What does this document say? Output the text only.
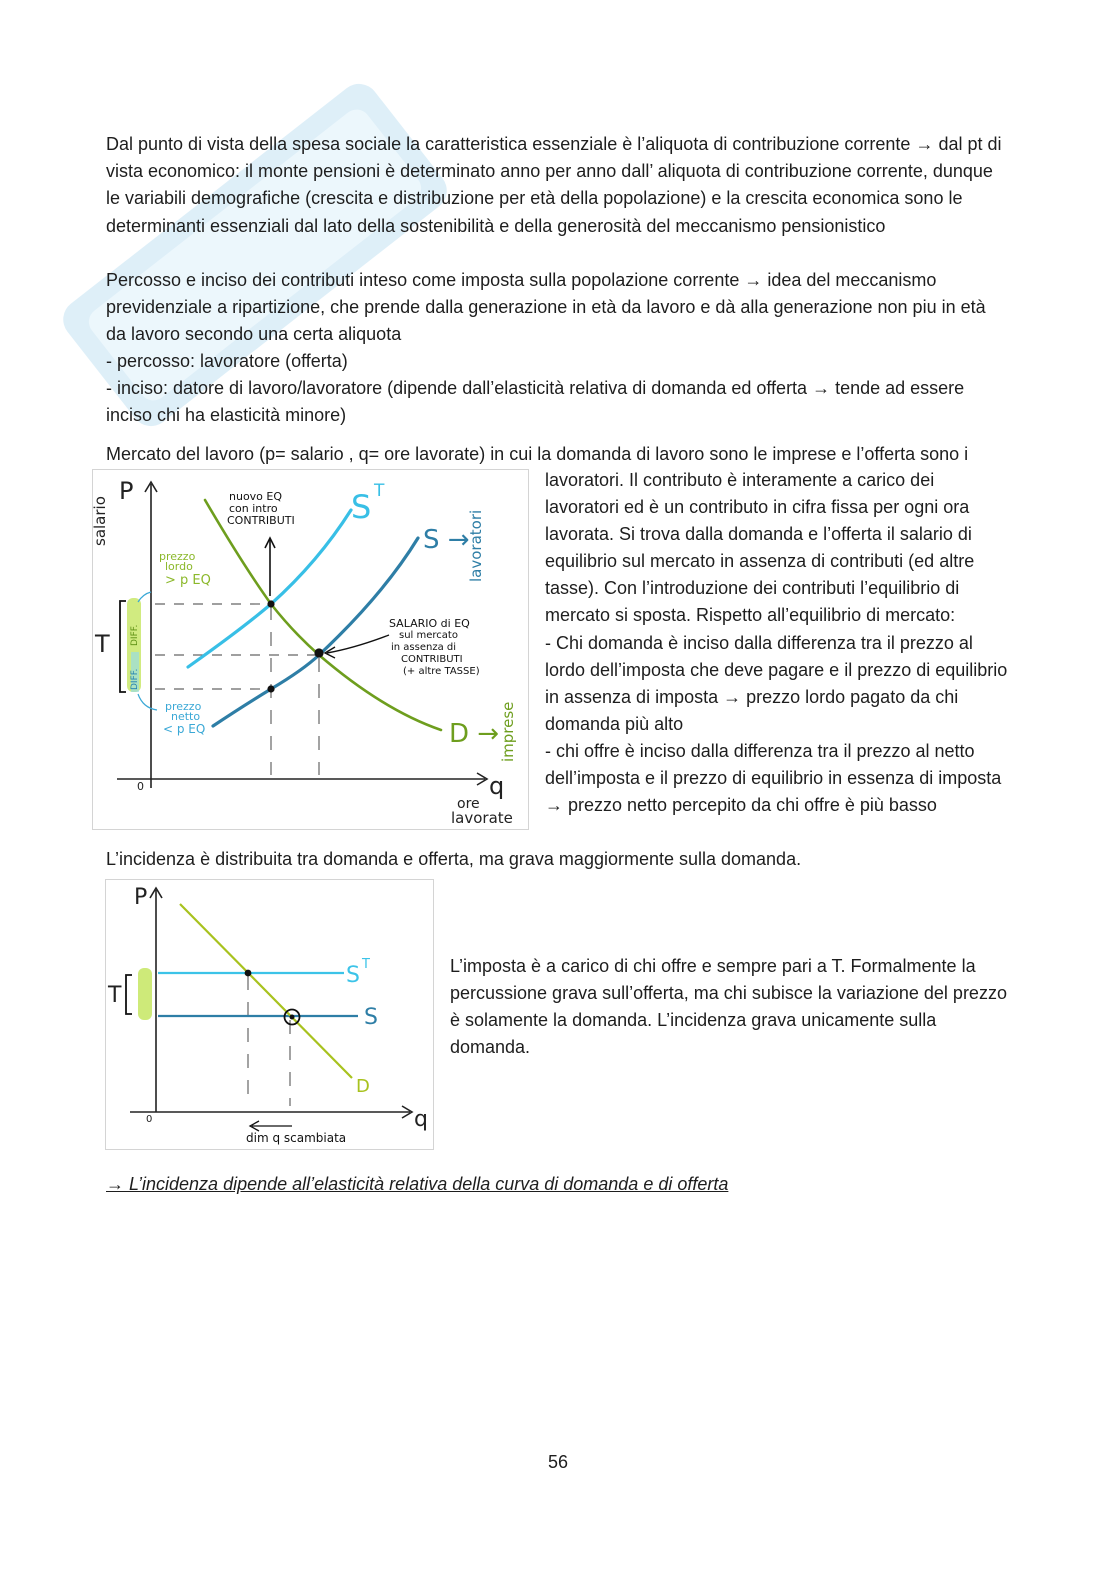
Dal punto di vista della spesa sociale la caratteristica essenziale è l’aliquota di contribuzione corrente → dal pt di vista economico: il monte pensioni è determinato anno per anno dall’ aliquota di contribuzione corrente, dunque le variabili demografiche (crescita e distribuzione per età della popolazione) e la crescita economica sono le determinanti essenziali dal lato della sostenibilità e della generosità del meccanismo pensionistico

Percosso e inciso dei contributi inteso come imposta sulla popolazione corrente → idea del meccanismo previdenziale a ripartizione, che prende dalla generazione in età da lavoro e dà alla generazione non piu in età da lavoro secondo una certa aliquota

- percosso: lavoratore (offerta)

- inciso: datore di lavoro/lavoratore (dipende dall’elasticità relativa di domanda ed offerta → tende ad essere inciso chi ha elasticità minore)

Mercato del lavoro (p= salario , q= ore lavorate) in cui la domanda di lavoro sono le imprese e l’offerta sono i

salario
P
q
ore
lavorate
0
T
S T
S →
lavoratori
D → imprese
nuovo EQ
con intro
CONTRIBUTI
prezzo
lordo
> p EQ
prezzo
netto
< p EQ
DIFF.
DIFF.
SALARIO di EQ
sul mercato
in assenza di
CONTRIBUTI
(+ altre TASSE)

lavoratori. Il contributo è interamente a carico dei lavoratori ed è un contributo in cifra fissa per ogni ora lavorata. Si trova dalla domanda e l’offerta il salario di equilibrio sul mercato in assenza di contributi (ed altre tasse). Con l’introduzione dei contributi l’equilibrio di mercato si sposta. Rispetto all’equilibrio di mercato:

- Chi domanda è inciso dalla differenza tra il prezzo al lordo dell’imposta che deve pagare e il prezzo di equilibrio in assenza di imposta → prezzo lordo pagato da chi domanda più alto

- chi offre è inciso dalla differenza tra il prezzo al netto dell’imposta e il prezzo di equilibrio in essenza di imposta → prezzo netto percepito da chi offre è più basso

L’incidenza è distribuita tra domanda e offerta, ma grava maggiormente sulla domanda.

P
q
0
T
S T
S
D
dim q scambiata

L’imposta è a carico di chi offre e sempre pari a T. Formalmente la percussione grava sull’offerta, ma chi subisce la variazione del prezzo è solamente la domanda. L’incidenza grava unicamente sulla domanda.

→ L’incidenza dipende all’elasticità relativa della curva di domanda e di offerta

56
